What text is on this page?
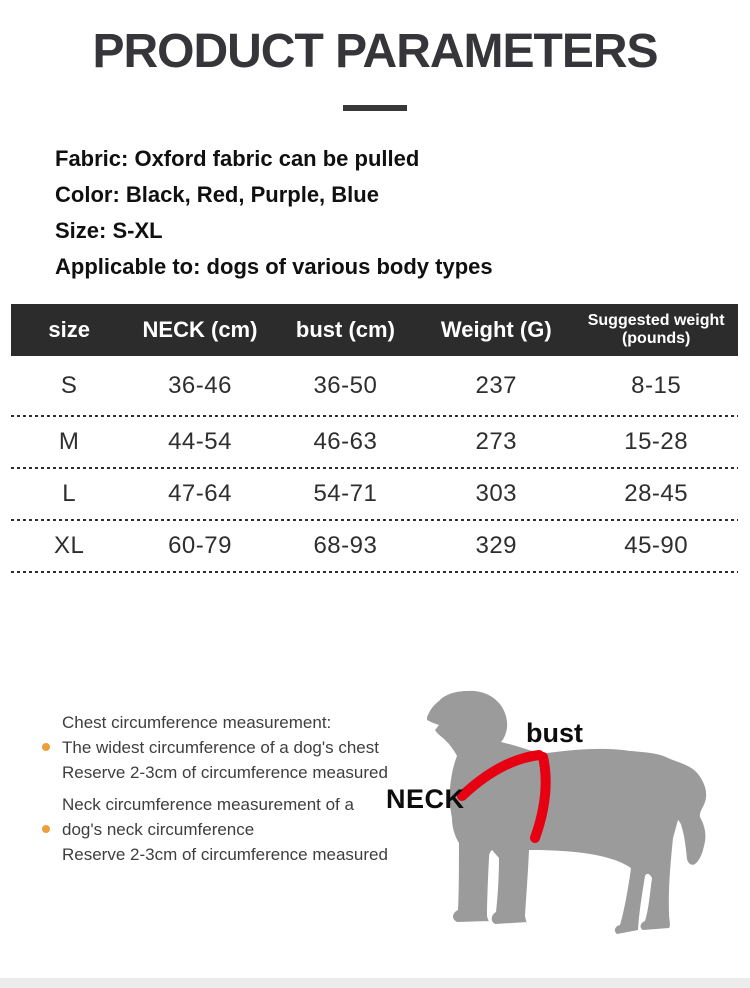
PRODUCT PARAMETERS
Fabric: Oxford fabric can be pulled
Color: Black, Red, Purple, Blue
Size: S-XL
Applicable to: dogs of various body types
size	NECK (cm)	bust (cm)	Weight (G)	Suggested weight (pounds)
S	36-46	36-50	237	8-15
M	44-54	46-63	273	15-28
L	47-64	54-71	303	28-45
XL	60-79	68-93	329	45-90
Chest circumference measurement:
The widest circumference of a dog's chest
Reserve 2-3cm of circumference measured
Neck circumference measurement of a
dog's neck circumference
Reserve 2-3cm of circumference measured
bust
NECK
